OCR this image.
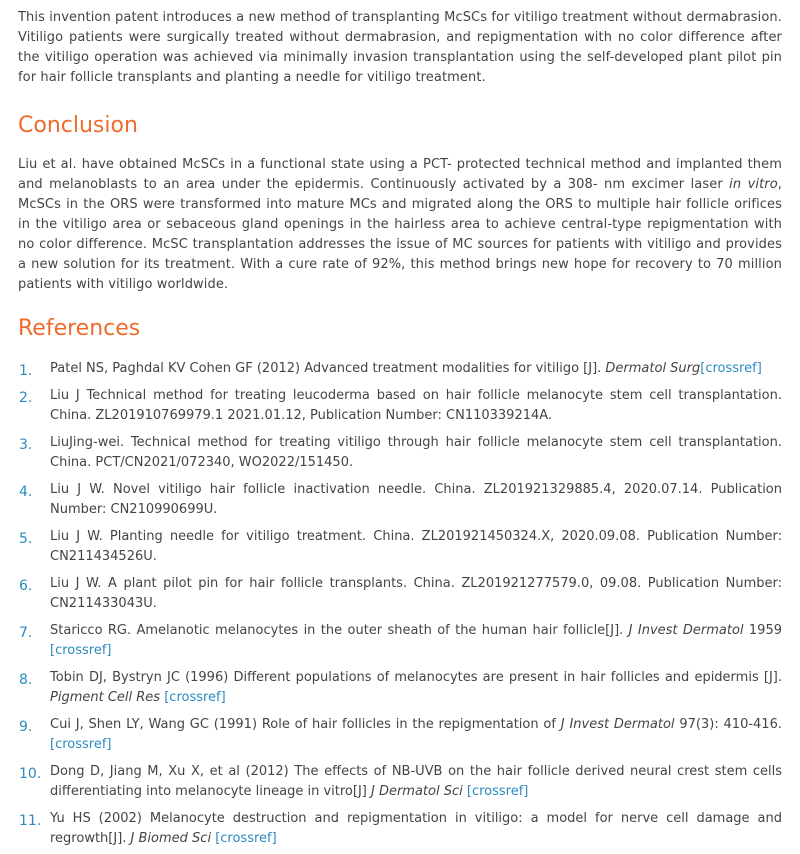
This invention patent introduces a new method of transplanting McSCs for vitiligo treatment without dermabrasion. Vitiligo patients were surgically treated without dermabrasion, and repigmentation with no color difference after the vitiligo operation was achieved via minimally invasion transplantation using the self-developed plant pilot pin for hair follicle transplants and planting a needle for vitiligo treatment.

Conclusion

Liu et al. have obtained McSCs in a functional state using a PCT- protected technical method and implanted them and melanoblasts to an area under the epidermis. Continuously activated by a 308- nm excimer laser in vitro, McSCs in the ORS were transformed into mature MCs and migrated along the ORS to multiple hair follicle orifices in the vitiligo area or sebaceous gland openings in the hairless area to achieve central-type repigmentation with no color difference. McSC transplantation addresses the issue of MC sources for patients with vitiligo and provides a new solution for its treatment. With a cure rate of 92%, this method brings new hope for recovery to 70 million patients with vitiligo worldwide.

References
1. Patel NS, Paghdal KV Cohen GF (2012) Advanced treatment modalities for vitiligo [J]. Dermatol Surg[crossref]
2. Liu J Technical method for treating leucoderma based on hair follicle melanocyte stem cell transplantation. China. ZL201910769979.1 2021.01.12, Publication Number: CN110339214A.
3. LiuJing-wei. Technical method for treating vitiligo through hair follicle melanocyte stem cell transplantation. China. PCT/CN2021/072340, WO2022/151450.
4. Liu J W. Novel vitiligo hair follicle inactivation needle. China. ZL201921329885.4, 2020.07.14. Publication Number: CN210990699U.
5. Liu J W. Planting needle for vitiligo treatment. China. ZL201921450324.X, 2020.09.08. Publication Number: CN211434526U.
6. Liu J W. A plant pilot pin for hair follicle transplants. China. ZL201921277579.0, 09.08. Publication Number: CN211433043U.
7. Staricco RG. Amelanotic melanocytes in the outer sheath of the human hair follicle[J]. J Invest Dermatol 1959 [crossref]
8. Tobin DJ, Bystryn JC (1996) Different populations of melanocytes are present in hair follicles and epidermis [J]. Pigment Cell Res [crossref]
9. Cui J, Shen LY, Wang GC (1991) Role of hair follicles in the repigmentation of J Invest Dermatol 97(3): 410-416. [crossref]
10. Dong D, Jiang M, Xu X, et al (2012) The effects of NB-UVB on the hair follicle derived neural crest stem cells differentiating into melanocyte lineage in vitro[J] J Dermatol Sci [crossref]
11. Yu HS (2002) Melanocyte destruction and repigmentation in vitiligo: a model for nerve cell damage and regrowth[J]. J Biomed Sci [crossref]
